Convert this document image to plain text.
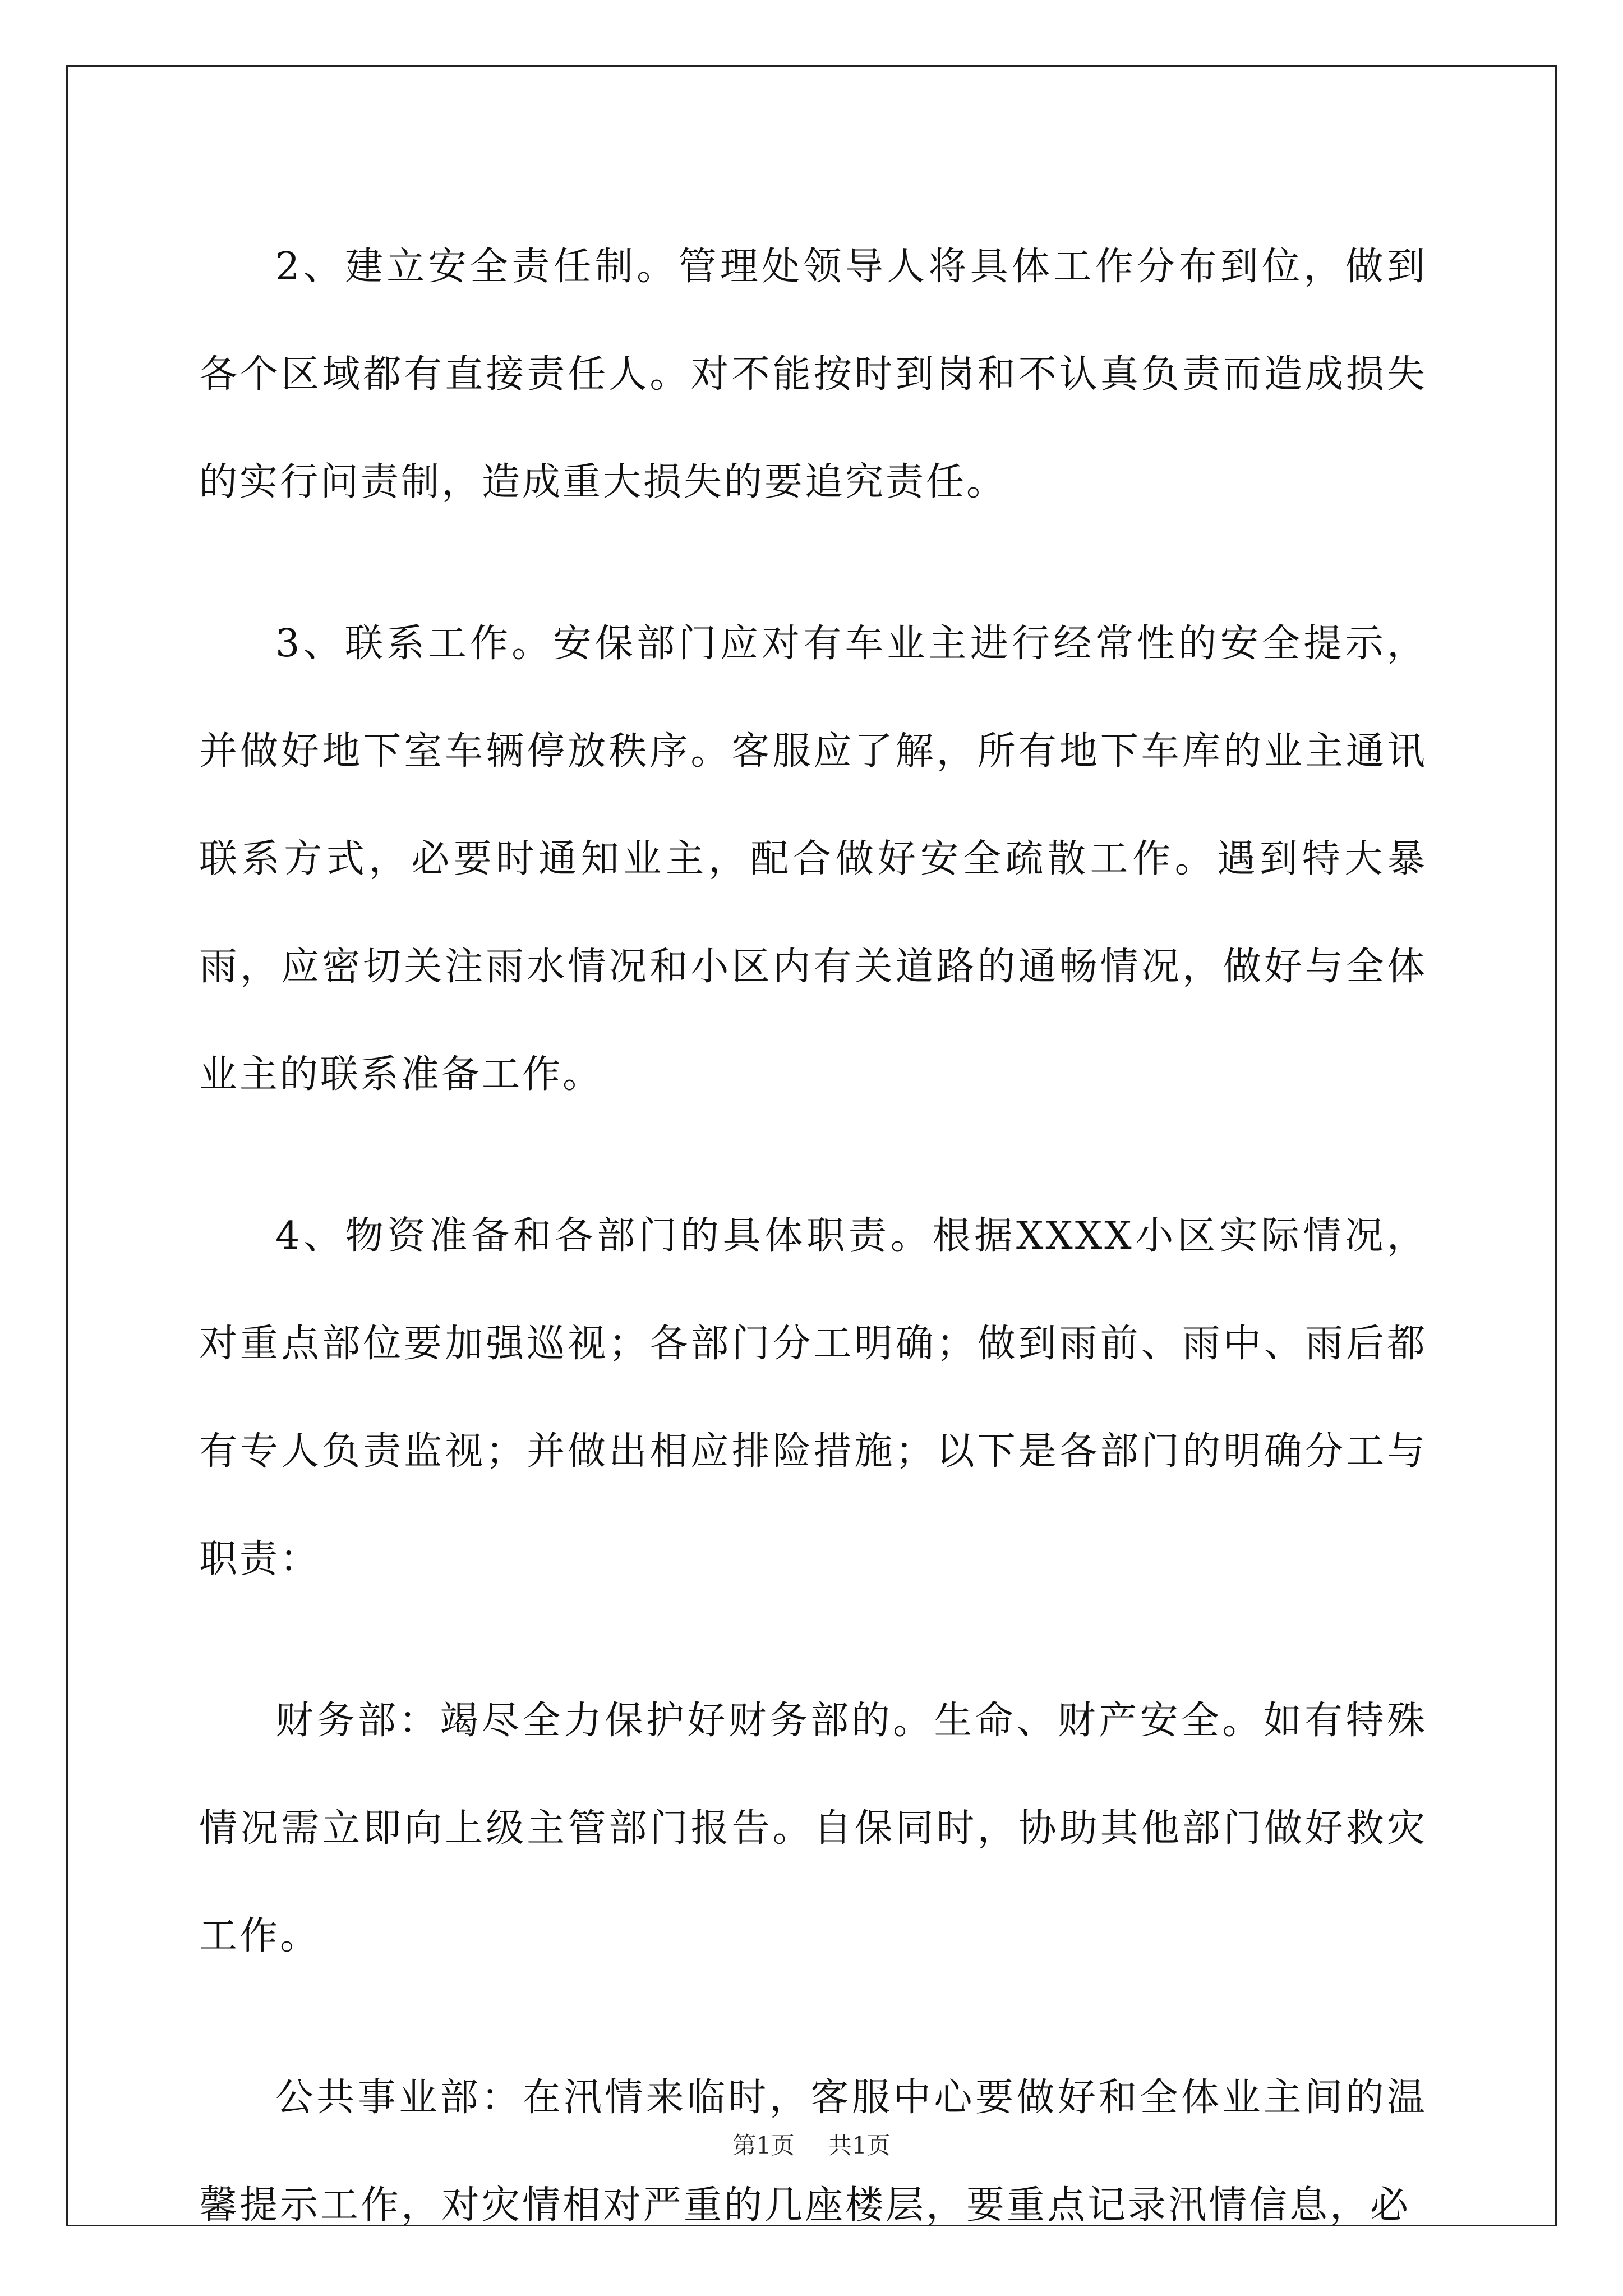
2、建立安全责任制。管理处领导人将具体工作分布到位，做到各个区域都有直接责任人。对不能按时到岗和不认真负责而造成损失的实行问责制，造成重大损失的要追究责任。

3、联系工作。安保部门应对有车业主进行经常性的安全提示，并做好地下室车辆停放秩序。客服应了解，所有地下车库的业主通讯联系方式，必要时通知业主，配合做好安全疏散工作。遇到特大暴雨，应密切关注雨水情况和小区内有关道路的通畅情况，做好与全体业主的联系准备工作。

4、物资准备和各部门的具体职责。根据XXXX小区实际情况，对重点部位要加强巡视；各部门分工明确；做到雨前、雨中、雨后都有专人负责监视；并做出相应排险措施；以下是各部门的明确分工与职责：

财务部：竭尽全力保护好财务部的。生命、财产安全。如有特殊情况需立即向上级主管部门报告。自保同时，协助其他部门做好救灾工作。

公共事业部：在汛情来临时，客服中心要做好和全体业主间的温馨提示工作，对灾情相对严重的几座楼层，要重点记录汛情信息，必

第1页 共1页
